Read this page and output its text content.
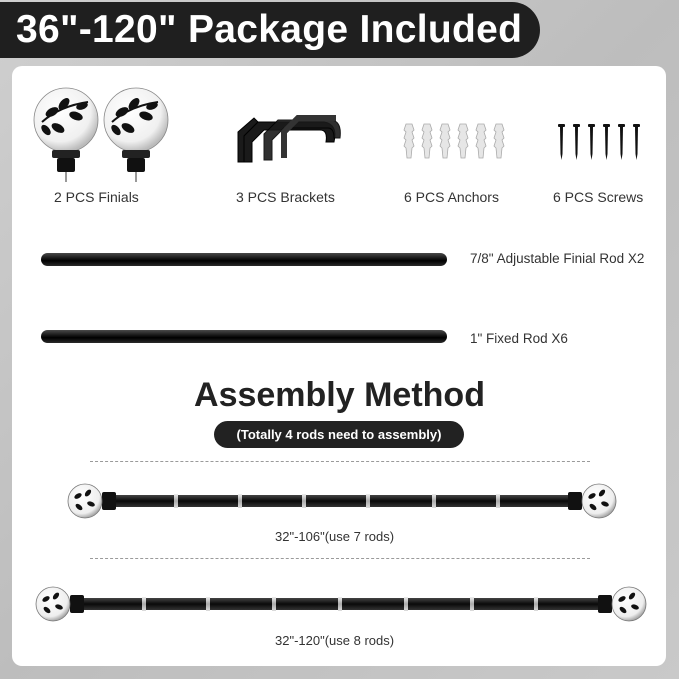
36"-120" Package Included
2 PCS Finials	3 PCS Brackets	6 PCS Anchors	6 PCS Screws
7/8" Adjustable Finial Rod X2
1" Fixed Rod X6
Assembly Method
(Totally 4 rods need to assembly)
32"-106"(use 7 rods)
32"-120"(use 8 rods)
